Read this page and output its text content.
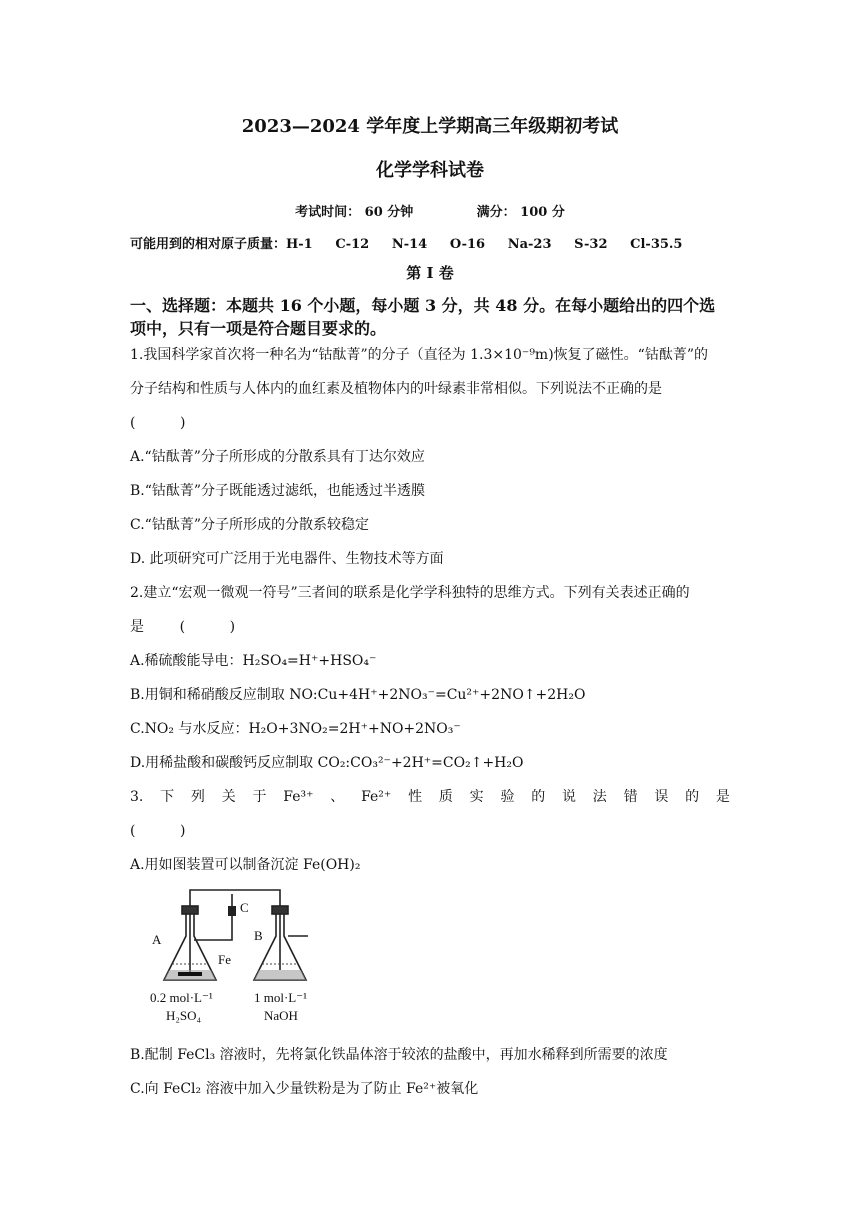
2023—2024 学年度上学期高三年级期初考试
化学学科试卷
考试时间： 60 分钟              满分： 100 分
可能用到的相对原子质量：H-1     C-12     N-14     O-16     Na-23     S-32     Cl-35.5
第 Ⅰ 卷
一、选择题：本题共 16 个小题，每小题 3 分，共 48 分。在每小题给出的四个选
项中，只有一项是符合题目要求的。
1.我国科学家首次将一种名为“钴酞菁”的分子（直径为 1.3×10⁻⁹m)恢复了磁性。“钴酞菁”的
分子结构和性质与人体内的血红素及植物体内的叶绿素非常相似。下列说法不正确的是
(          )
A.“钴酞菁”分子所形成的分散系具有丁达尔效应
B.“钴酞菁”分子既能透过滤纸，也能透过半透膜
C.“钴酞菁”分子所形成的分散系较稳定
D. 此项研究可广泛用于光电器件、生物技术等方面
2.建立“宏观一微观一符号”三者间的联系是化学学科独特的思维方式。下列有关表述正确的
是        (          )
A.稀硫酸能导电：H₂SO₄=H⁺+HSO₄⁻
B.用铜和稀硝酸反应制取 NO:Cu+4H⁺+2NO₃⁻=Cu²⁺+2NO↑+2H₂O
C.NO₂ 与水反应：H₂O+3NO₂=2H⁺+NO+2NO₃⁻
D.用稀盐酸和碳酸钙反应制取 CO₂:CO₃²⁻+2H⁺=CO₂↑+H₂O
3. 下 列 关 于 Fe³⁺ 、 Fe²⁺ 性 质 实 验 的 说 法 错 误 的 是
(          )
A.用如图装置可以制备沉淀 Fe(OH)₂
A	B
C
Fe
0.2 mol·L⁻¹
H₂SO₄
1 mol·L⁻¹
NaOH
B.配制 FeCl₃ 溶液时，先将氯化铁晶体溶于较浓的盐酸中，再加水稀释到所需要的浓度
C.向 FeCl₂ 溶液中加入少量铁粉是为了防止 Fe²⁺被氧化
